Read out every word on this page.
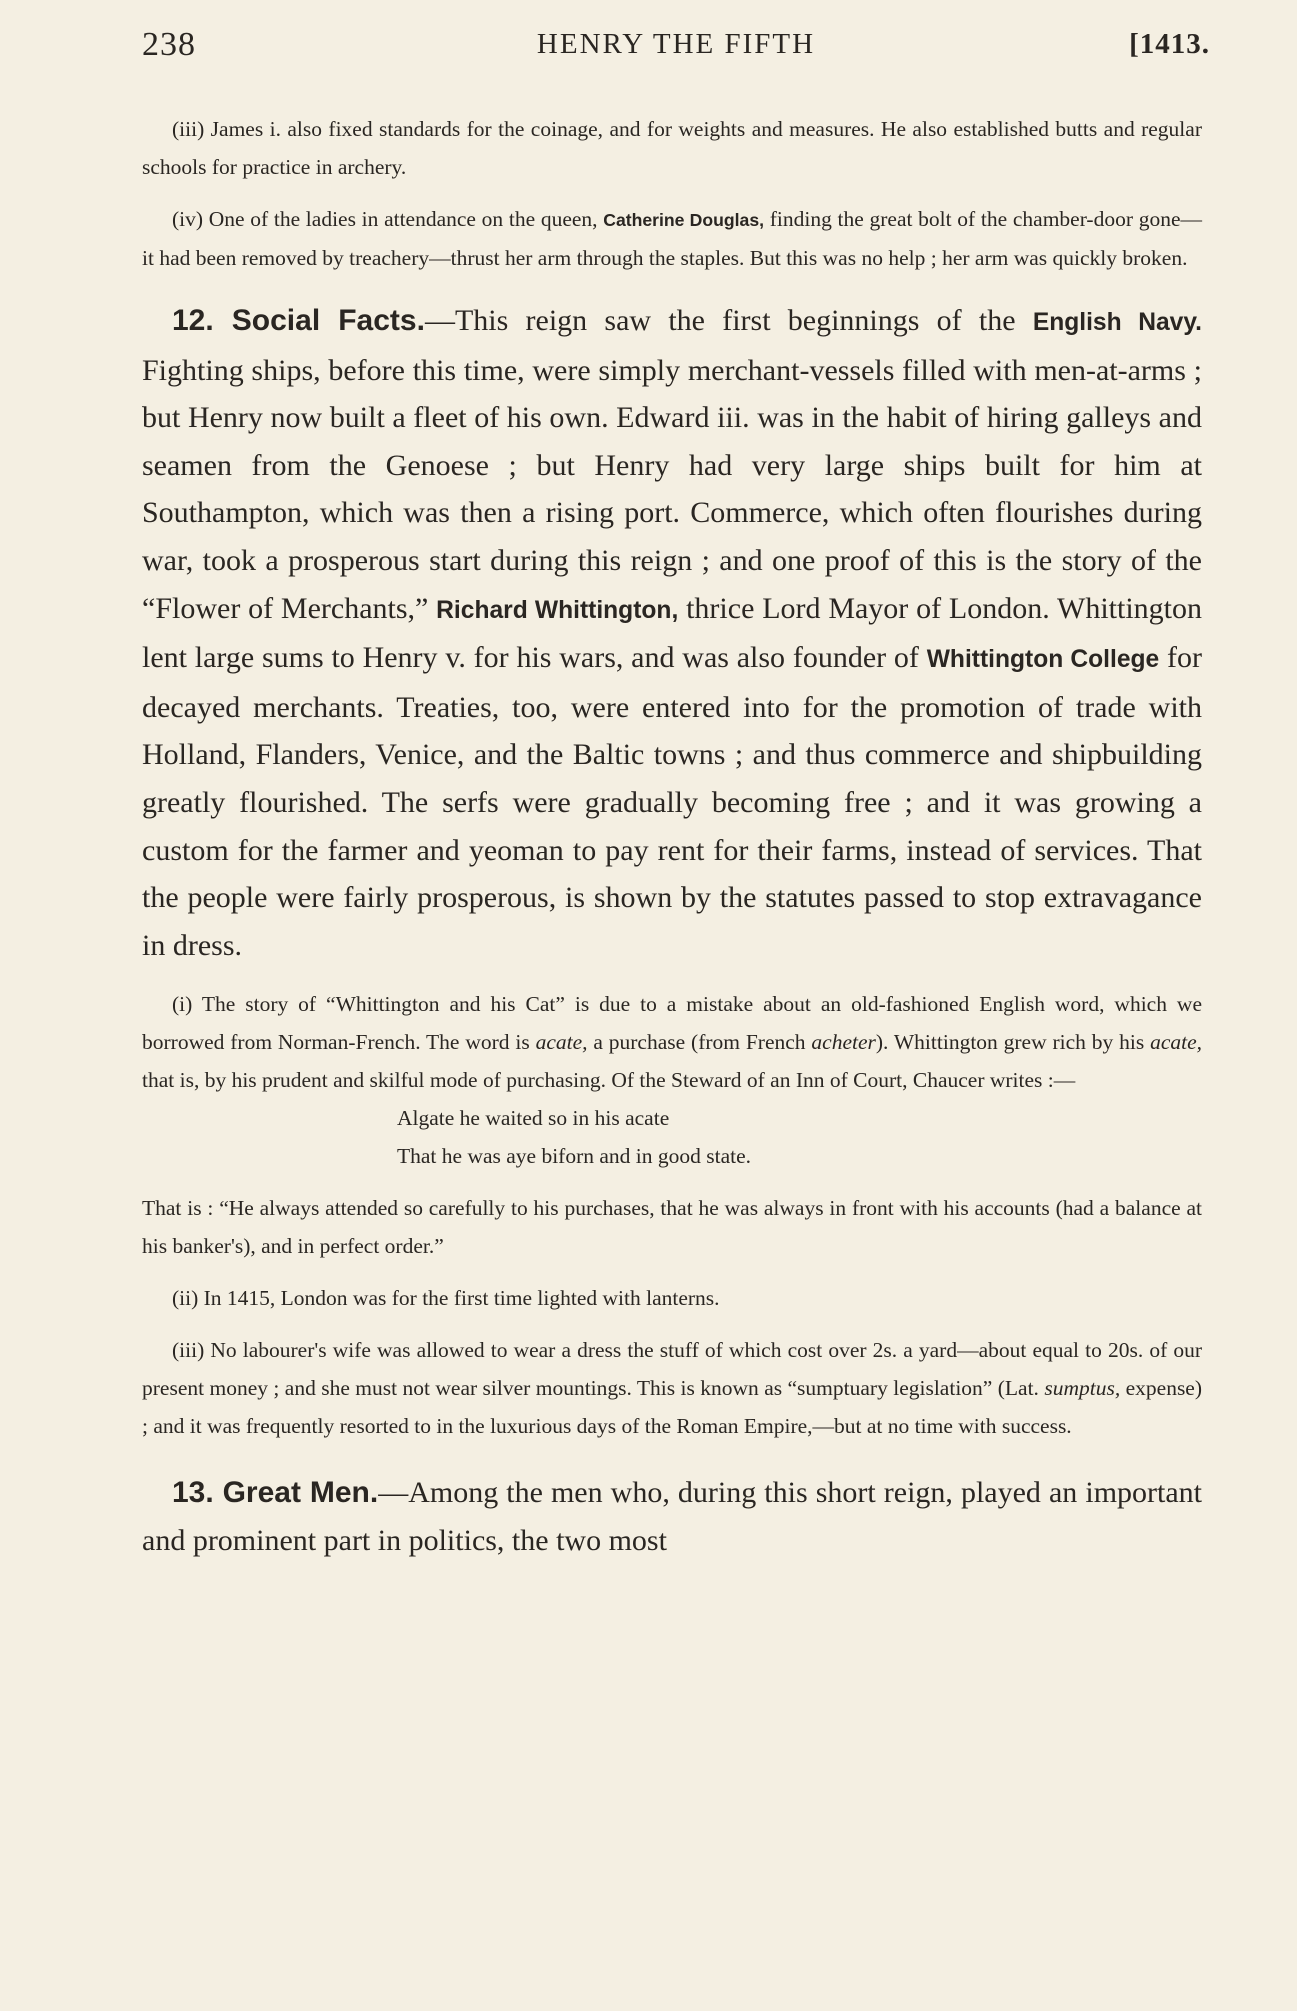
238	HENRY THE FIFTH	[1413.

(iii) James i. also fixed standards for the coinage, and for weights and measures. He also established butts and regular schools for practice in archery.

(iv) One of the ladies in attendance on the queen, Catherine Douglas, finding the great bolt of the chamber-door gone—it had been removed by treachery—thrust her arm through the staples. But this was no help ; her arm was quickly broken.

12. Social Facts.—This reign saw the first beginnings of the English Navy. Fighting ships, before this time, were simply merchant-vessels filled with men-at-arms ; but Henry now built a fleet of his own. Edward iii. was in the habit of hiring galleys and seamen from the Genoese ; but Henry had very large ships built for him at Southampton, which was then a rising port. Commerce, which often flourishes during war, took a prosperous start during this reign ; and one proof of this is the story of the “Flower of Merchants,” Richard Whittington, thrice Lord Mayor of London. Whittington lent large sums to Henry v. for his wars, and was also founder of Whittington College for decayed merchants. Treaties, too, were entered into for the promotion of trade with Holland, Flanders, Venice, and the Baltic towns ; and thus commerce and shipbuilding greatly flourished. The serfs were gradually becoming free ; and it was growing a custom for the farmer and yeoman to pay rent for their farms, instead of services. That the people were fairly prosperous, is shown by the statutes passed to stop extravagance in dress.

(i) The story of “Whittington and his Cat” is due to a mistake about an old-fashioned English word, which we borrowed from Norman-French. The word is acate, a purchase (from French acheter). Whittington grew rich by his acate, that is, by his prudent and skilful mode of purchasing. Of the Steward of an Inn of Court, Chaucer writes :—

Algate he waited so in his acate

That he was aye biforn and in good state.

That is : “He always attended so carefully to his purchases, that he was always in front with his accounts (had a balance at his banker's), and in perfect order.”

(ii) In 1415, London was for the first time lighted with lanterns.

(iii) No labourer's wife was allowed to wear a dress the stuff of which cost over 2s. a yard—about equal to 20s. of our present money ; and she must not wear silver mountings. This is known as “sumptuary legislation” (Lat. sumptus, expense) ; and it was frequently resorted to in the luxurious days of the Roman Empire,—but at no time with success.

13. Great Men.—Among the men who, during this short reign, played an important and prominent part in politics, the two most
